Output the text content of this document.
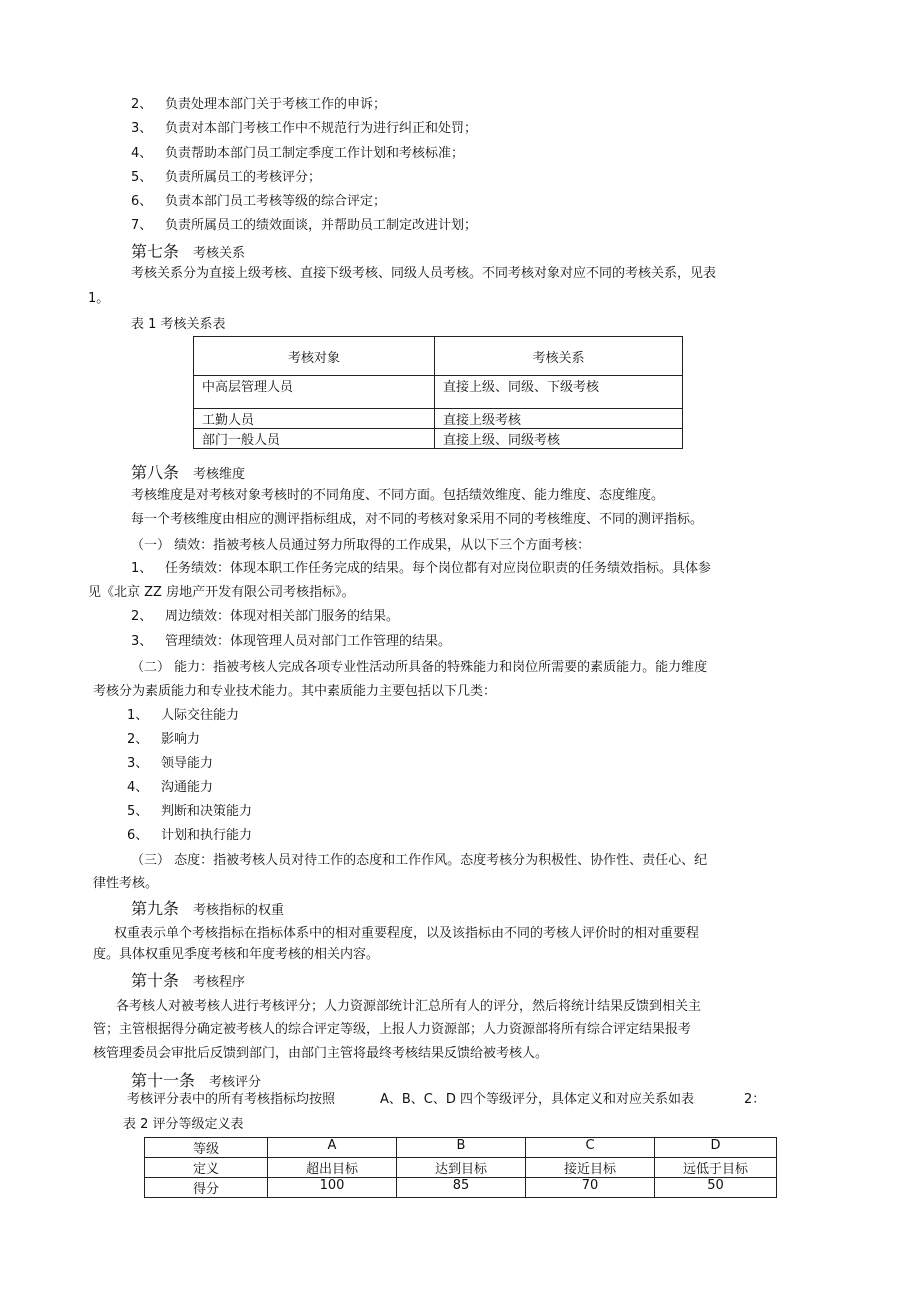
2、 负责处理本部门关于考核工作的申诉；
3、 负责对本部门考核工作中不规范行为进行纠正和处罚；
4、 负责帮助本部门员工制定季度工作计划和考核标准；
5、 负责所属员工的考核评分；
6、 负责本部门员工考核等级的综合评定；
7、 负责所属员工的绩效面谈，并帮助员工制定改进计划；
第七条 考核关系
考核关系分为直接上级考核、直接下级考核、同级人员考核。不同考核对象对应不同的考核关系，见表
1。
表 1 考核关系表
考核对象	考核关系
中高层管理人员	直接上级、同级、下级考核
工勤人员	直接上级考核
部门一般人员	直接上级、同级考核
第八条 考核维度
考核维度是对考核对象考核时的不同角度、不同方面。包括绩效维度、能力维度、态度维度。
每一个考核维度由相应的测评指标组成，对不同的考核对象采用不同的考核维度、不同的测评指标。
（一） 绩效：指被考核人员通过努力所取得的工作成果，从以下三个方面考核：
1、 任务绩效：体现本职工作任务完成的结果。每个岗位都有对应岗位职责的任务绩效指标。具体参
见《北京 ZZ 房地产开发有限公司考核指标》。
2、 周边绩效：体现对相关部门服务的结果。
3、 管理绩效：体现管理人员对部门工作管理的结果。
（二） 能力：指被考核人完成各项专业性活动所具备的特殊能力和岗位所需要的素质能力。能力维度
考核分为素质能力和专业技术能力。其中素质能力主要包括以下几类：
1、 人际交往能力
2、 影响力
3、 领导能力
4、 沟通能力
5、 判断和决策能力
6、 计划和执行能力
（三） 态度：指被考核人员对待工作的态度和工作作风。态度考核分为积极性、协作性、责任心、纪
律性考核。
第九条 考核指标的权重
权重表示单个考核指标在指标体系中的相对重要程度，以及该指标由不同的考核人评价时的相对重要程
度。具体权重见季度考核和年度考核的相关内容。
第十条 考核程序
各考核人对被考核人进行考核评分；人力资源部统计汇总所有人的评分，然后将统计结果反馈到相关主
管；主管根据得分确定被考核人的综合评定等级，上报人力资源部；人力资源部将所有综合评定结果报考
核管理委员会审批后反馈到部门，由部门主管将最终考核结果反馈给被考核人。
第十一条 考核评分
考核评分表中的所有考核指标均按照	A、B、C、D 四个等级评分，具体定义和对应关系如表	2：
表 2 评分等级定义表
等级	A	B	C	D
定义	超出目标	达到目标	接近目标	远低于目标
得分	100	85	70	50
